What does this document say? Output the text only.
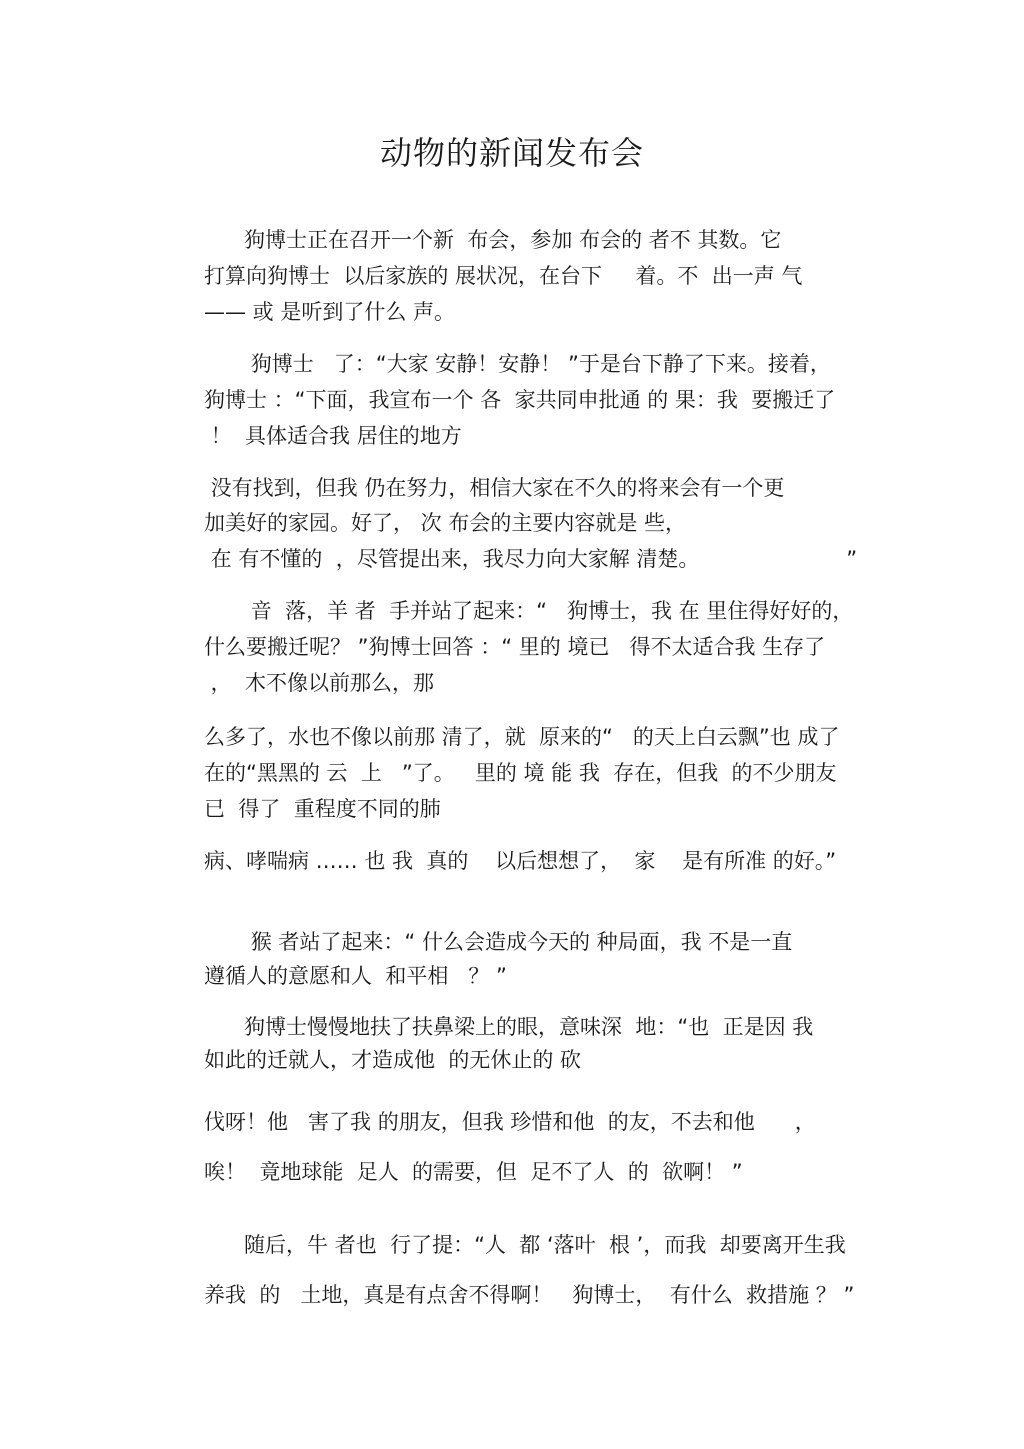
动物的新闻发布会
狗博士正在召开一个新  布会，参加 布会的 者不 其数。它
打算向狗博士  以后家族的 展状况，在台下     着。不  出一声 气
—— 或 是听到了什么 声。
狗博士   了：“大家 安静！安静！ ”于是台下静了下来。接着，
狗博士 ：“下面，我宣布一个 各  家共同申批通 的 果：我  要搬迁了
！  具体适合我 居住的地方
没有找到，但我 仍在努力，相信大家在不久的将来会有一个更
加美好的家园。好了， 次 布会的主要内容就是 些，
在 有不懂的  ，尽管提出来，我尽力向大家解 清楚。                      ”
音  落，羊 者  手并站了起来：“   狗博士，我 在 里住得好好的，
什么要搬迁呢？ ”狗博士回答 ：“ 里的 境已   得不太适合我 生存了
，  木不像以前那么，那
么多了，水也不像以前那 清了，就  原来的“   的天上白云飘”也 成了
在的“黑黑的 云  上   ”了。   里的 境 能 我  存在，但我  的不少朋友
已  得了  重程度不同的肺
病、哮喘病 …… 也 我  真的    以后想想了，  家    是有所准 的好。”
猴 者站了起来：“ 什么会造成今天的 种局面，我 不是一直
遵循人的意愿和人  和平相   ？ ”
狗博士慢慢地扶了扶鼻梁上的眼，意味深  地：“也  正是因 我
如此的迁就人，才造成他  的无休止的 砍
伐呀！他   害了我 的朋友，但我 珍惜和他  的友，不去和他      ，
唉！  竟地球能  足人  的需要，但  足不了人  的  欲啊！ ”
随后，牛 者也  行了提：“人  都 ‘落叶  根 ’，而我  却要离开生我
养我  的   土地，真是有点舍不得啊！   狗博士，  有什么  救措施 ？ ”
